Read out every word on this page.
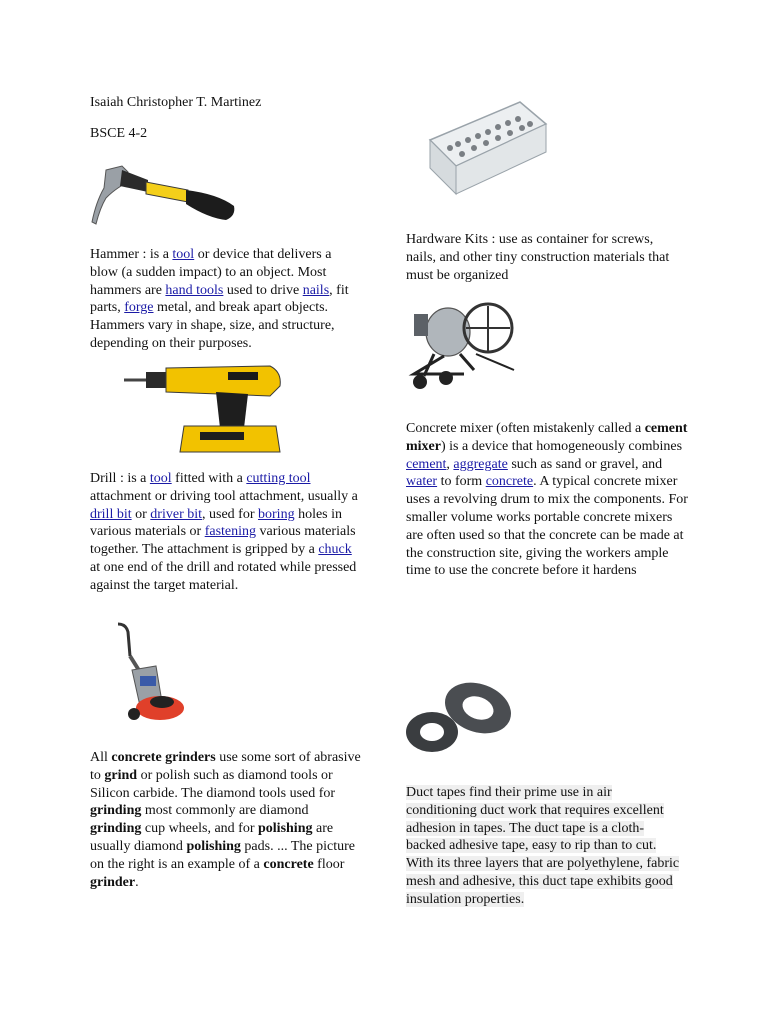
Isaiah Christopher T. Martinez

BSCE 4-2

Hammer : is a tool or device that delivers a blow (a sudden impact) to an object. Most hammers are hand tools used to drive nails, fit parts, forge metal, and break apart objects. Hammers vary in shape, size, and structure, depending on their purposes.

Hardware Kits : use as container for screws, nails, and other tiny construction materials that must be organized

Concrete mixer (often mistakenly called a cement mixer) is a device that homogeneously combines cement, aggregate such as sand or gravel, and water to form concrete. A typical concrete mixer uses a revolving drum to mix the components. For smaller volume works portable concrete mixers are often used so that the concrete can be made at the construction site, giving the workers ample time to use the concrete before it hardens

Drill : is a tool fitted with a cutting tool attachment or driving tool attachment, usually a drill bit or driver bit, used for boring holes in various materials or fastening various materials together. The attachment is gripped by a chuck at one end of the drill and rotated while pressed against the target material.

All concrete grinders use some sort of abrasive to grind or polish such as diamond tools or Silicon carbide. The diamond tools used for grinding most commonly are diamond grinding cup wheels, and for polishing are usually diamond polishing pads. ... The picture on the right is an example of a concrete floor grinder.

Duct tapes find their prime use in air conditioning duct work that requires excellent adhesion in tapes. The duct tape is a cloth-backed adhesive tape, easy to rip than to cut. With its three layers that are polyethylene, fabric mesh and adhesive, this duct tape exhibits good insulation properties.
